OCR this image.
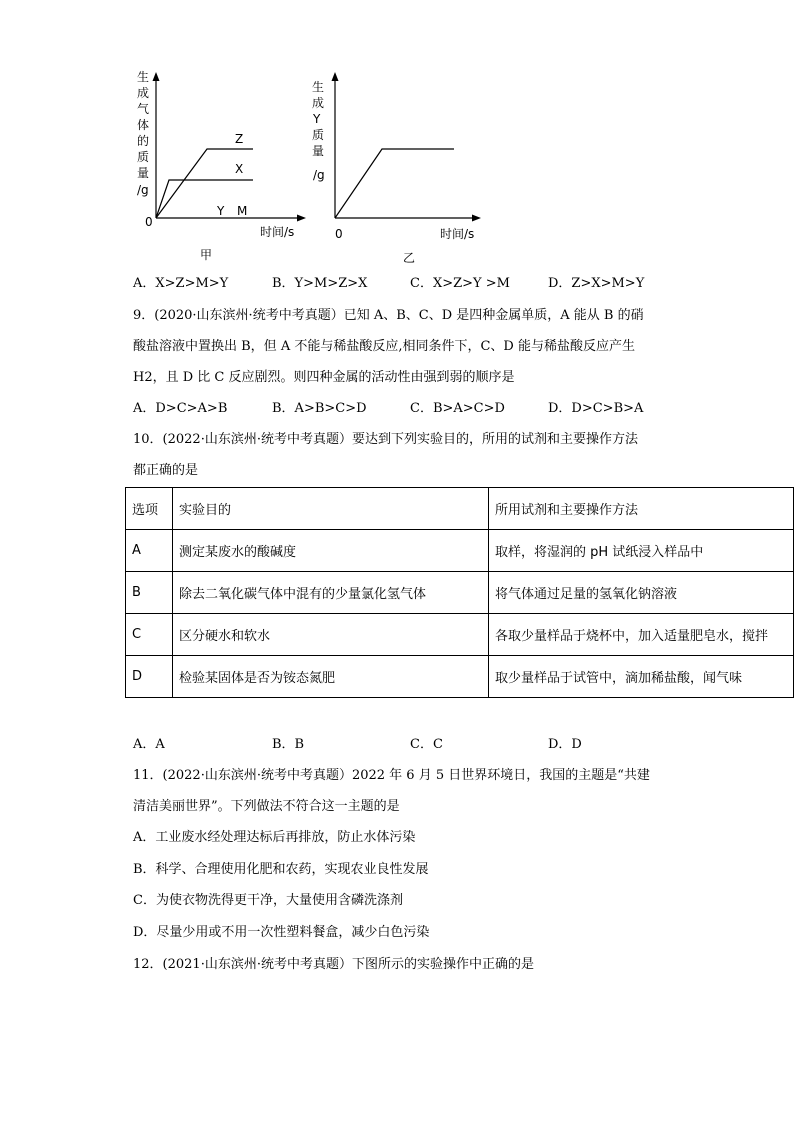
生
成
气
体
的
质
量
/g
0
时间/s
Z
X
Y M
甲
生
成
Y
质
量
/g
0	时间/s
乙
A．X>Z>M>Y	B．Y>M>Z>X	C．X>Z>Y >M	D．Z>X>M>Y
9．(2020·山东滨州·统考中考真题）已知 A、B、C、D 是四种金属单质，A 能从 B 的硝
酸盐溶液中置换出 B，但 A 不能与稀盐酸反应,相同条件下，C、D 能与稀盐酸反应产生
H2，且 D 比 C 反应剧烈。则四种金属的活动性由强到弱的顺序是
A．D>C>A>B	B．A>B>C>D	C．B>A>C>D	D．D>C>B>A
10．(2022·山东滨州·统考中考真题）要达到下列实验目的，所用的试剂和主要操作方法
都正确的是
选项	实验目的	所用试剂和主要操作方法
A	测定某废水的酸碱度	取样，将湿润的 pH 试纸浸入样品中
B	除去二氧化碳气体中混有的少量氯化氢气体	将气体通过足量的氢氧化钠溶液
C	区分硬水和软水	各取少量样品于烧杯中，加入适量肥皂水，搅拌
D	检验某固体是否为铵态氮肥	取少量样品于试管中，滴加稀盐酸，闻气味
A．A	B．B	C．C	D．D
11．(2022·山东滨州·统考中考真题）2022 年 6 月 5 日世界环境日，我国的主题是“共建
清洁美丽世界”。下列做法不符合这一主题的是
A．工业废水经处理达标后再排放，防止水体污染
B．科学、合理使用化肥和农药，实现农业良性发展
C．为使衣物洗得更干净，大量使用含磷洗涤剂
D．尽量少用或不用一次性塑料餐盒，减少白色污染
12．(2021·山东滨州·统考中考真题）下图所示的实验操作中正确的是
